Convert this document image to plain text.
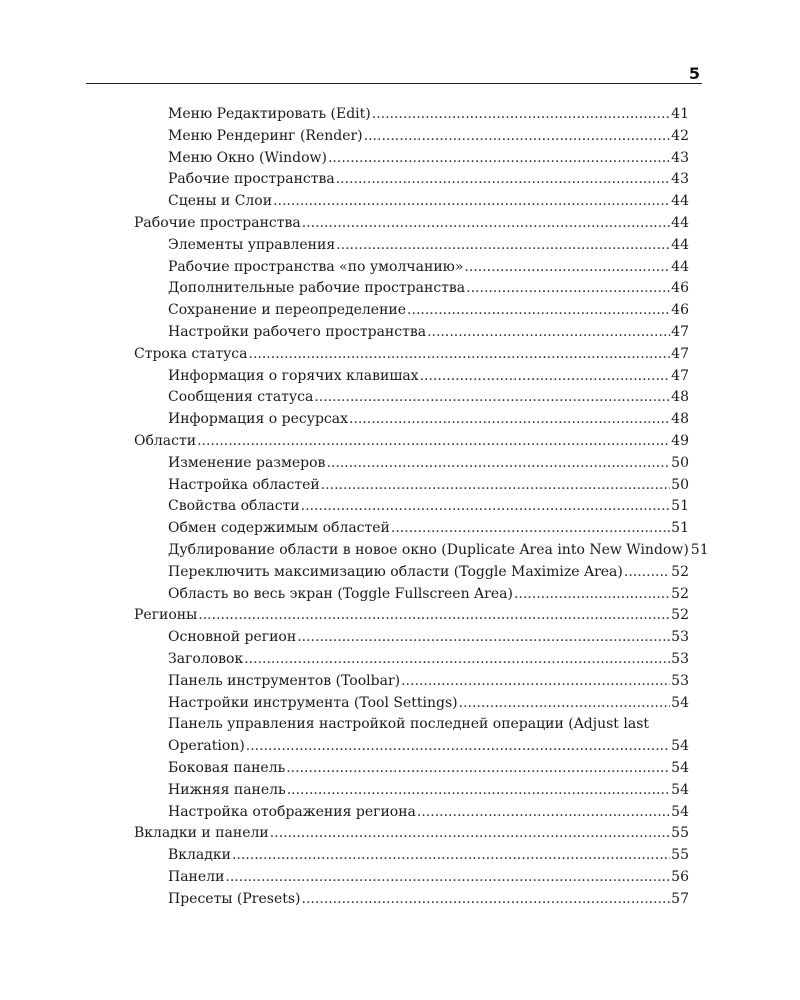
5
Меню Редактировать (Edit) .....	41
Меню Рендеринг (Render) .....	42
Меню Окно (Window) .....	43
Рабочие пространства .....	43
Сцены и Слои .....	44
Рабочие пространства .....	44
Элементы управления .....	44
Рабочие пространства «по умолчанию» .....	44
Дополнительные рабочие пространства .....	46
Сохранение и переопределение .....	46
Настройки рабочего пространства .....	47
Строка статуса .....	47
Информация о горячих клавишах .....	47
Сообщения статуса .....	48
Информация о ресурсах .....	48
Области .....	49
Изменение размеров .....	50
Настройка областей .....	50
Свойства области .....	51
Обмен содержимым областей .....	51
Дублирование области в новое окно (Duplicate Area into New Window) 51
Переключить максимизацию области (Toggle Maximize Area) .....	52
Область во весь экран (Toggle Fullscreen Area) .....	52
Регионы .....	52
Основной регион .....	53
Заголовок .....	53
Панель инструментов (Toolbar) .....	53
Настройки инструмента (Tool Settings) .....	54
Панель управления настройкой последней операции (Adjust last
Operation) .....	54
Боковая панель .....	54
Нижняя панель .....	54
Настройка отображения региона .....	54
Вкладки и панели .....	55
Вкладки .....	55
Панели .....	56
Пресеты (Presets) .....	57
